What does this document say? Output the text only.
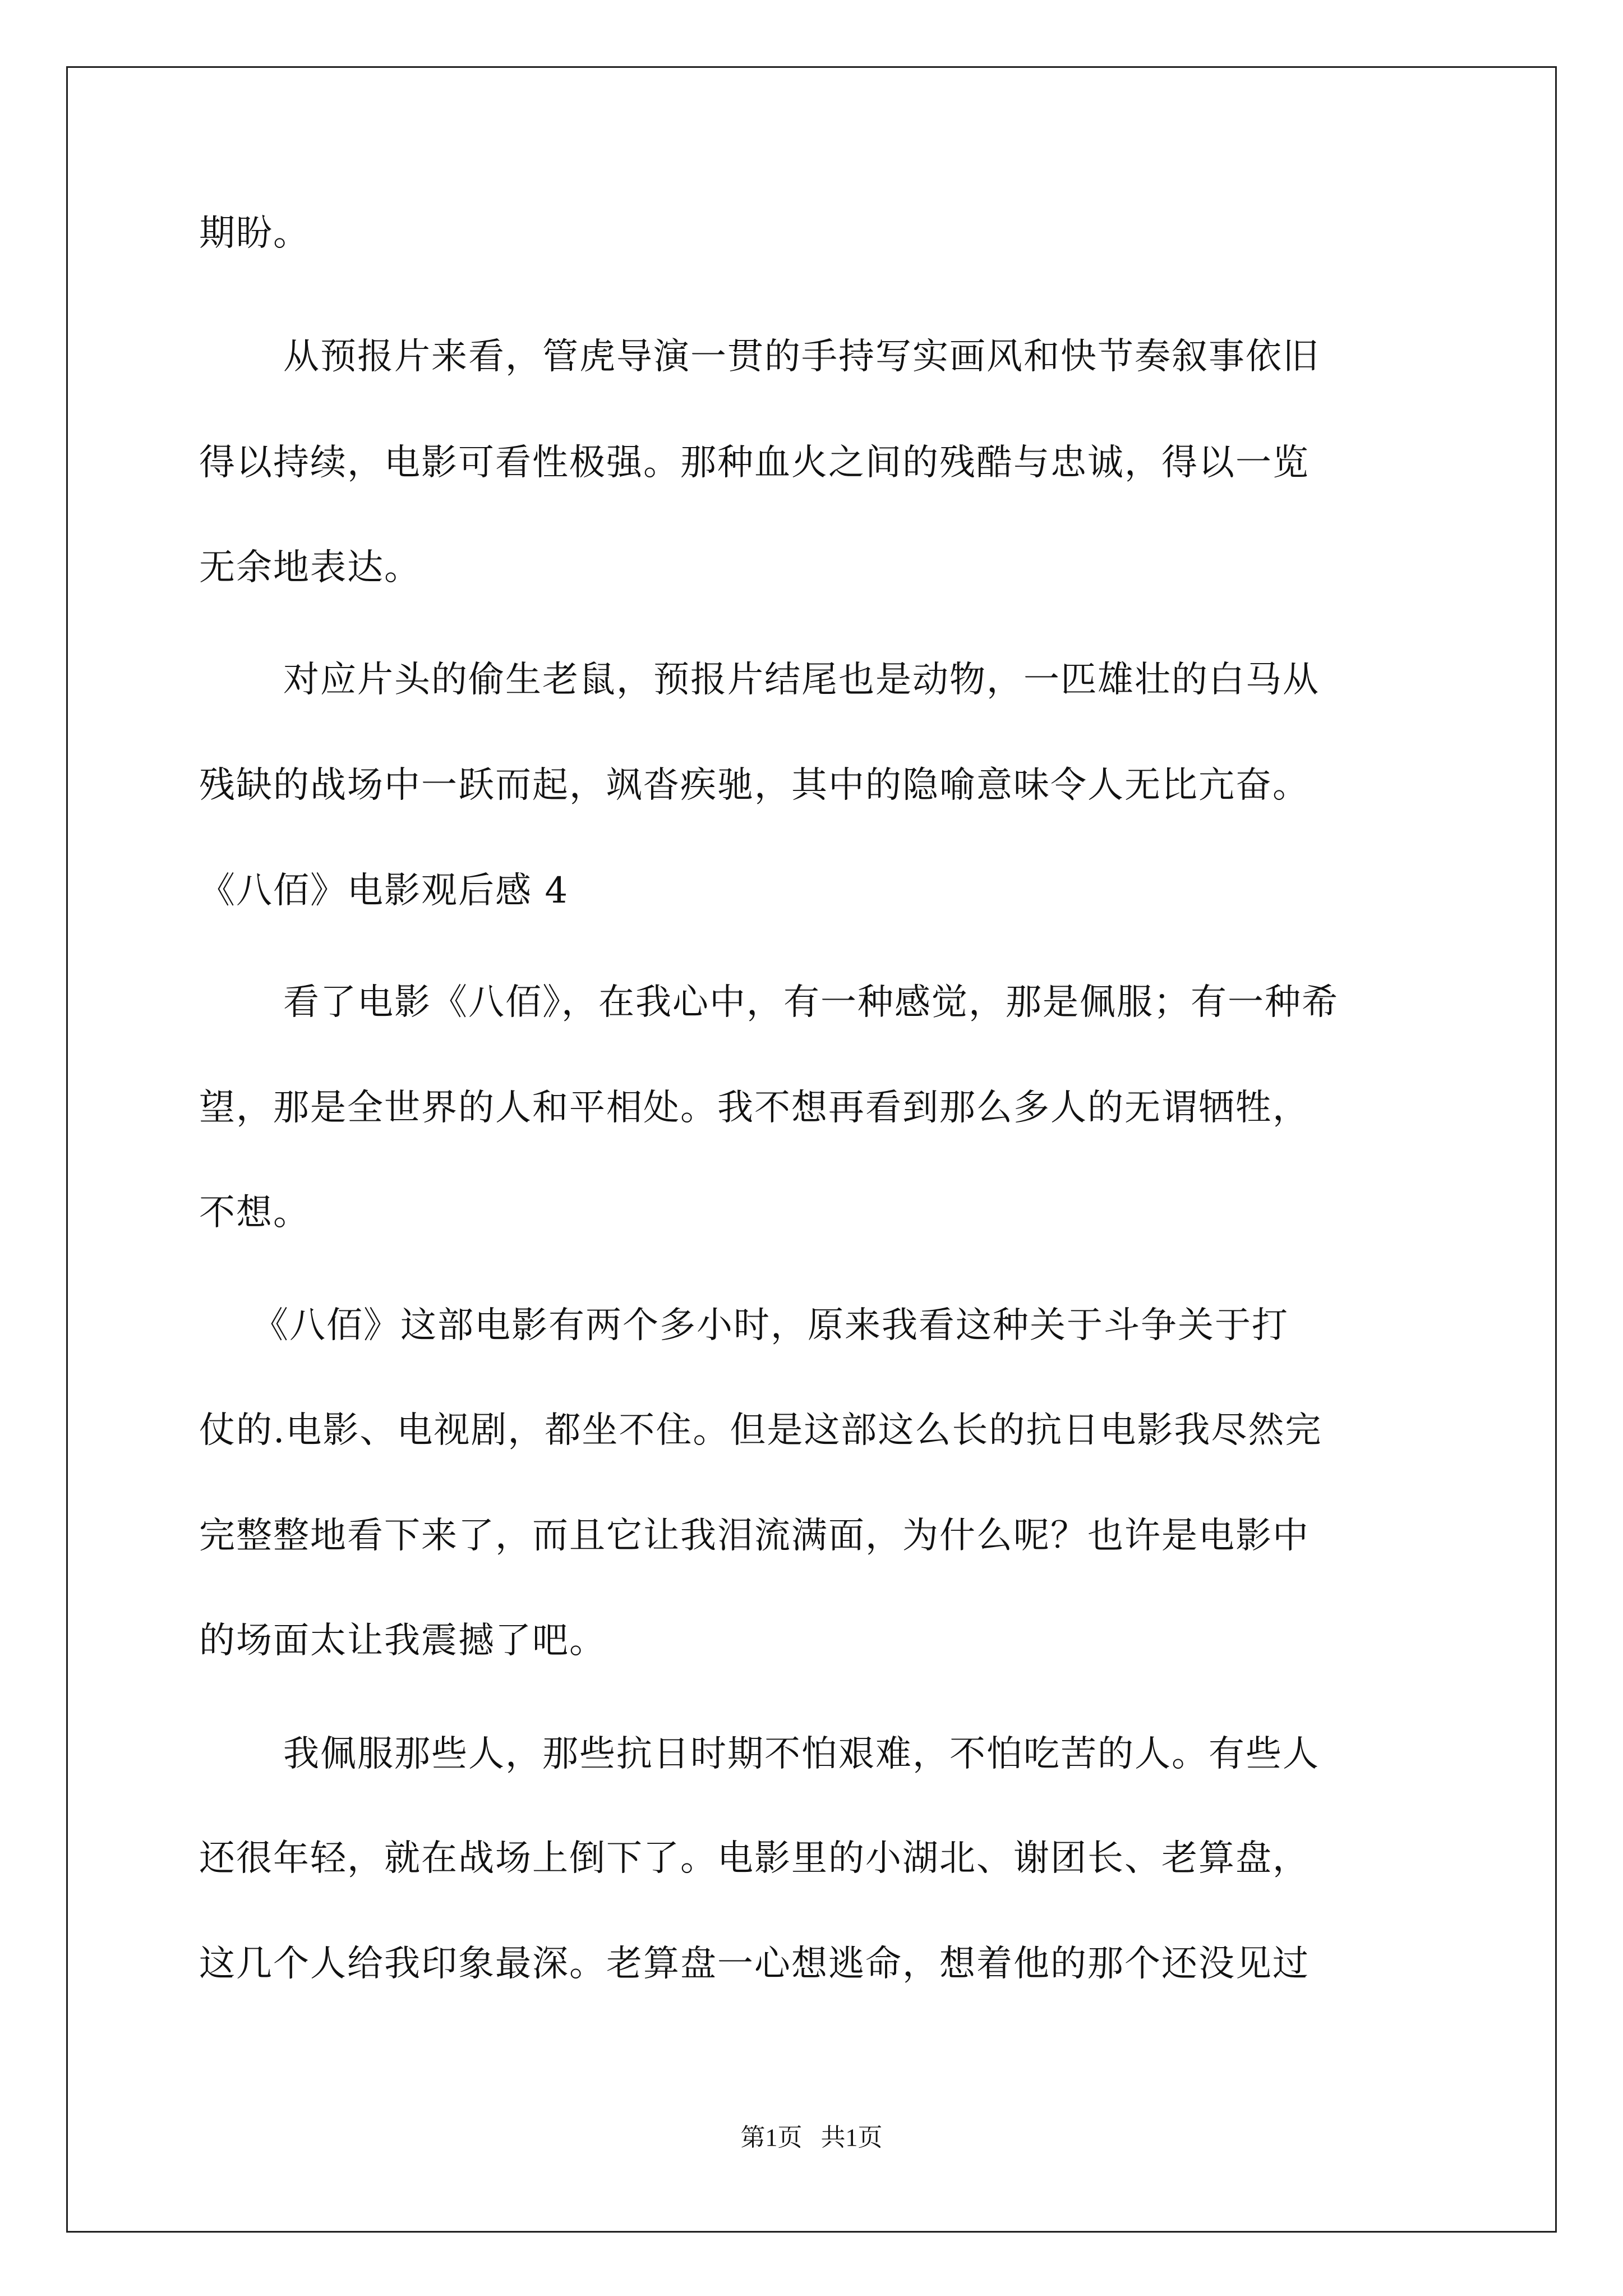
期盼。

从预报片来看，管虎导演一贯的手持写实画风和快节奏叙事依旧

得以持续，电影可看性极强。那种血火之间的残酷与忠诚，得以一览

无余地表达。

对应片头的偷生老鼠，预报片结尾也是动物，一匹雄壮的白马从

残缺的战场中一跃而起，飒沓疾驰，其中的隐喻意味令人无比亢奋。

《八佰》电影观后感 4

看了电影《八佰》，在我心中，有一种感觉，那是佩服；有一种希

望，那是全世界的人和平相处。我不想再看到那么多人的无谓牺牲，

不想。

《八佰》这部电影有两个多小时，原来我看这种关于斗争关于打

仗的.电影、电视剧，都坐不住。但是这部这么长的抗日电影我尽然完

完整整地看下来了，而且它让我泪流满面，为什么呢？也许是电影中

的场面太让我震撼了吧。

我佩服那些人，那些抗日时期不怕艰难，不怕吃苦的人。有些人

还很年轻，就在战场上倒下了。电影里的小湖北、谢团长、老算盘，

这几个人给我印象最深。老算盘一心想逃命，想着他的那个还没见过

第1页   共1页
